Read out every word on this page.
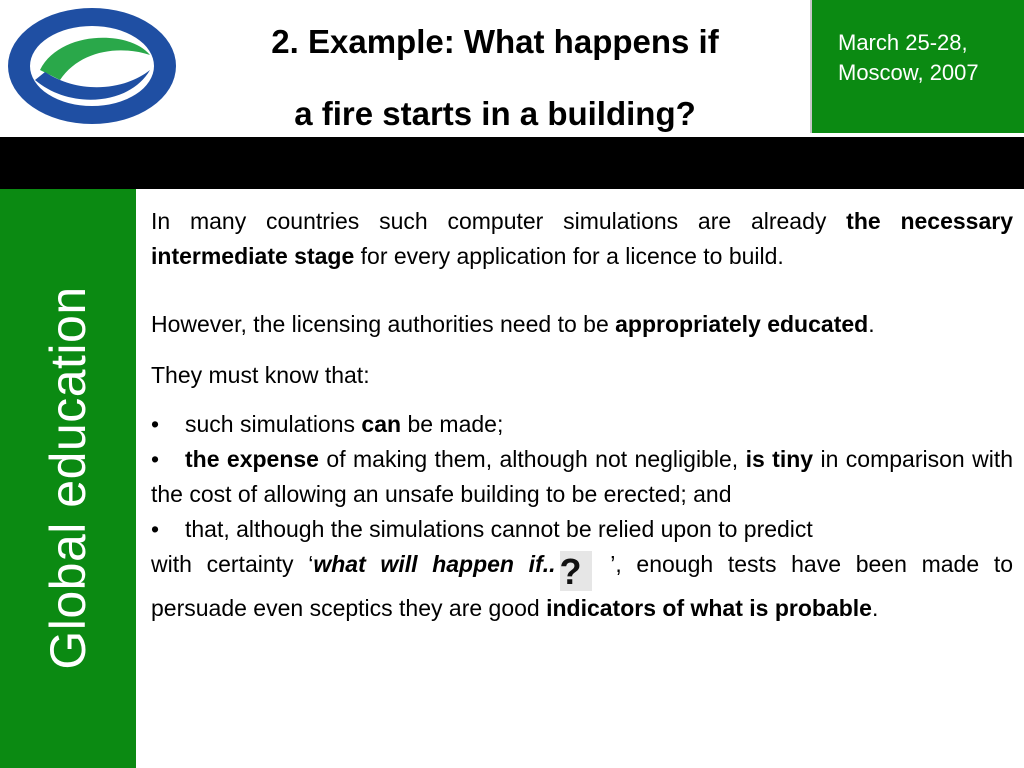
2. Example: What happens if
a fire starts in a building?
March 25-28,
Moscow, 2007
Global education

In many countries such computer simulations are already the necessary intermediate stage for every application for a licence to build.

However, the licensing authorities need to be appropriately educated.

They must know that:

• such simulations can be made;

• the expense of making them, although not negligible, is tiny in comparison with the cost of allowing an unsafe building to be erected; and

• that, although the simulations cannot be relied upon to predict

with certainty ‘what will happen if.. ? ’, enough tests have been made to persuade even sceptics they are good indicators of what is probable.
